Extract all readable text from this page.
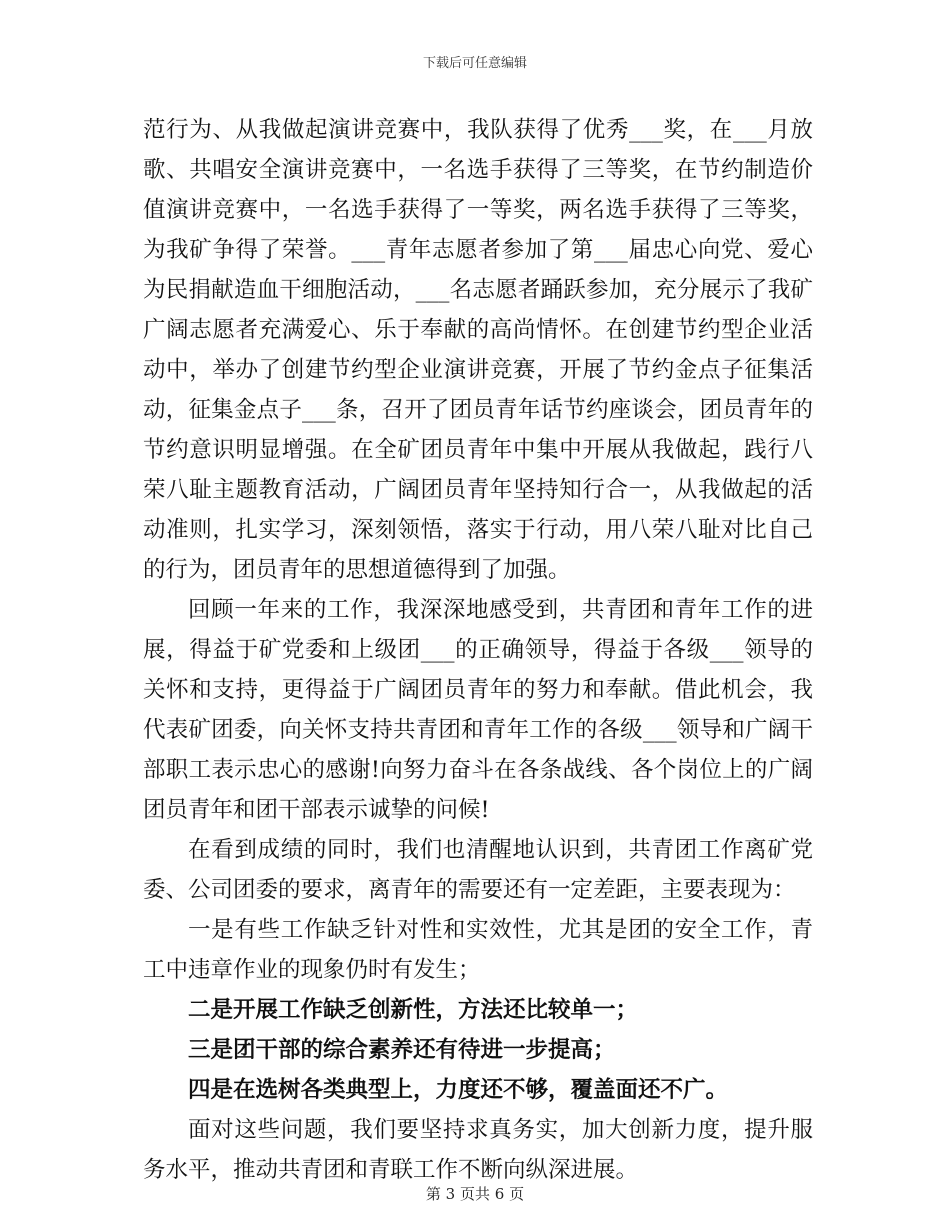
下载后可任意编辑

范行为、从我做起演讲竞赛中，我队获得了优秀___奖，在___月放歌、共唱安全演讲竞赛中，一名选手获得了三等奖，在节约制造价值演讲竞赛中，一名选手获得了一等奖，两名选手获得了三等奖，为我矿争得了荣誉。___青年志愿者参加了第___届忠心向党、爱心为民捐献造血干细胞活动，___名志愿者踊跃参加，充分展示了我矿广阔志愿者充满爱心、乐于奉献的高尚情怀。在创建节约型企业活动中，举办了创建节约型企业演讲竞赛，开展了节约金点子征集活动，征集金点子___条，召开了团员青年话节约座谈会，团员青年的节约意识明显增强。在全矿团员青年中集中开展从我做起，践行八荣八耻主题教育活动，广阔团员青年坚持知行合一，从我做起的活动准则，扎实学习，深刻领悟，落实于行动，用八荣八耻对比自己的行为，团员青年的思想道德得到了加强。

回顾一年来的工作，我深深地感受到，共青团和青年工作的进展，得益于矿党委和上级团___的正确领导，得益于各级___领导的关怀和支持，更得益于广阔团员青年的努力和奉献。借此机会，我代表矿团委，向关怀支持共青团和青年工作的各级___领导和广阔干部职工表示忠心的感谢!向努力奋斗在各条战线、各个岗位上的广阔团员青年和团干部表示诚挚的问候!

在看到成绩的同时，我们也清醒地认识到，共青团工作离矿党委、公司团委的要求，离青年的需要还有一定差距，主要表现为：

一是有些工作缺乏针对性和实效性，尤其是团的安全工作，青工中违章作业的现象仍时有发生；

二是开展工作缺乏创新性，方法还比较单一；

三是团干部的综合素养还有待进一步提高；

四是在选树各类典型上，力度还不够，覆盖面还不广。

面对这些问题，我们要坚持求真务实，加大创新力度，提升服务水平，推动共青团和青联工作不断向纵深进展。

第 3 页共 6 页
